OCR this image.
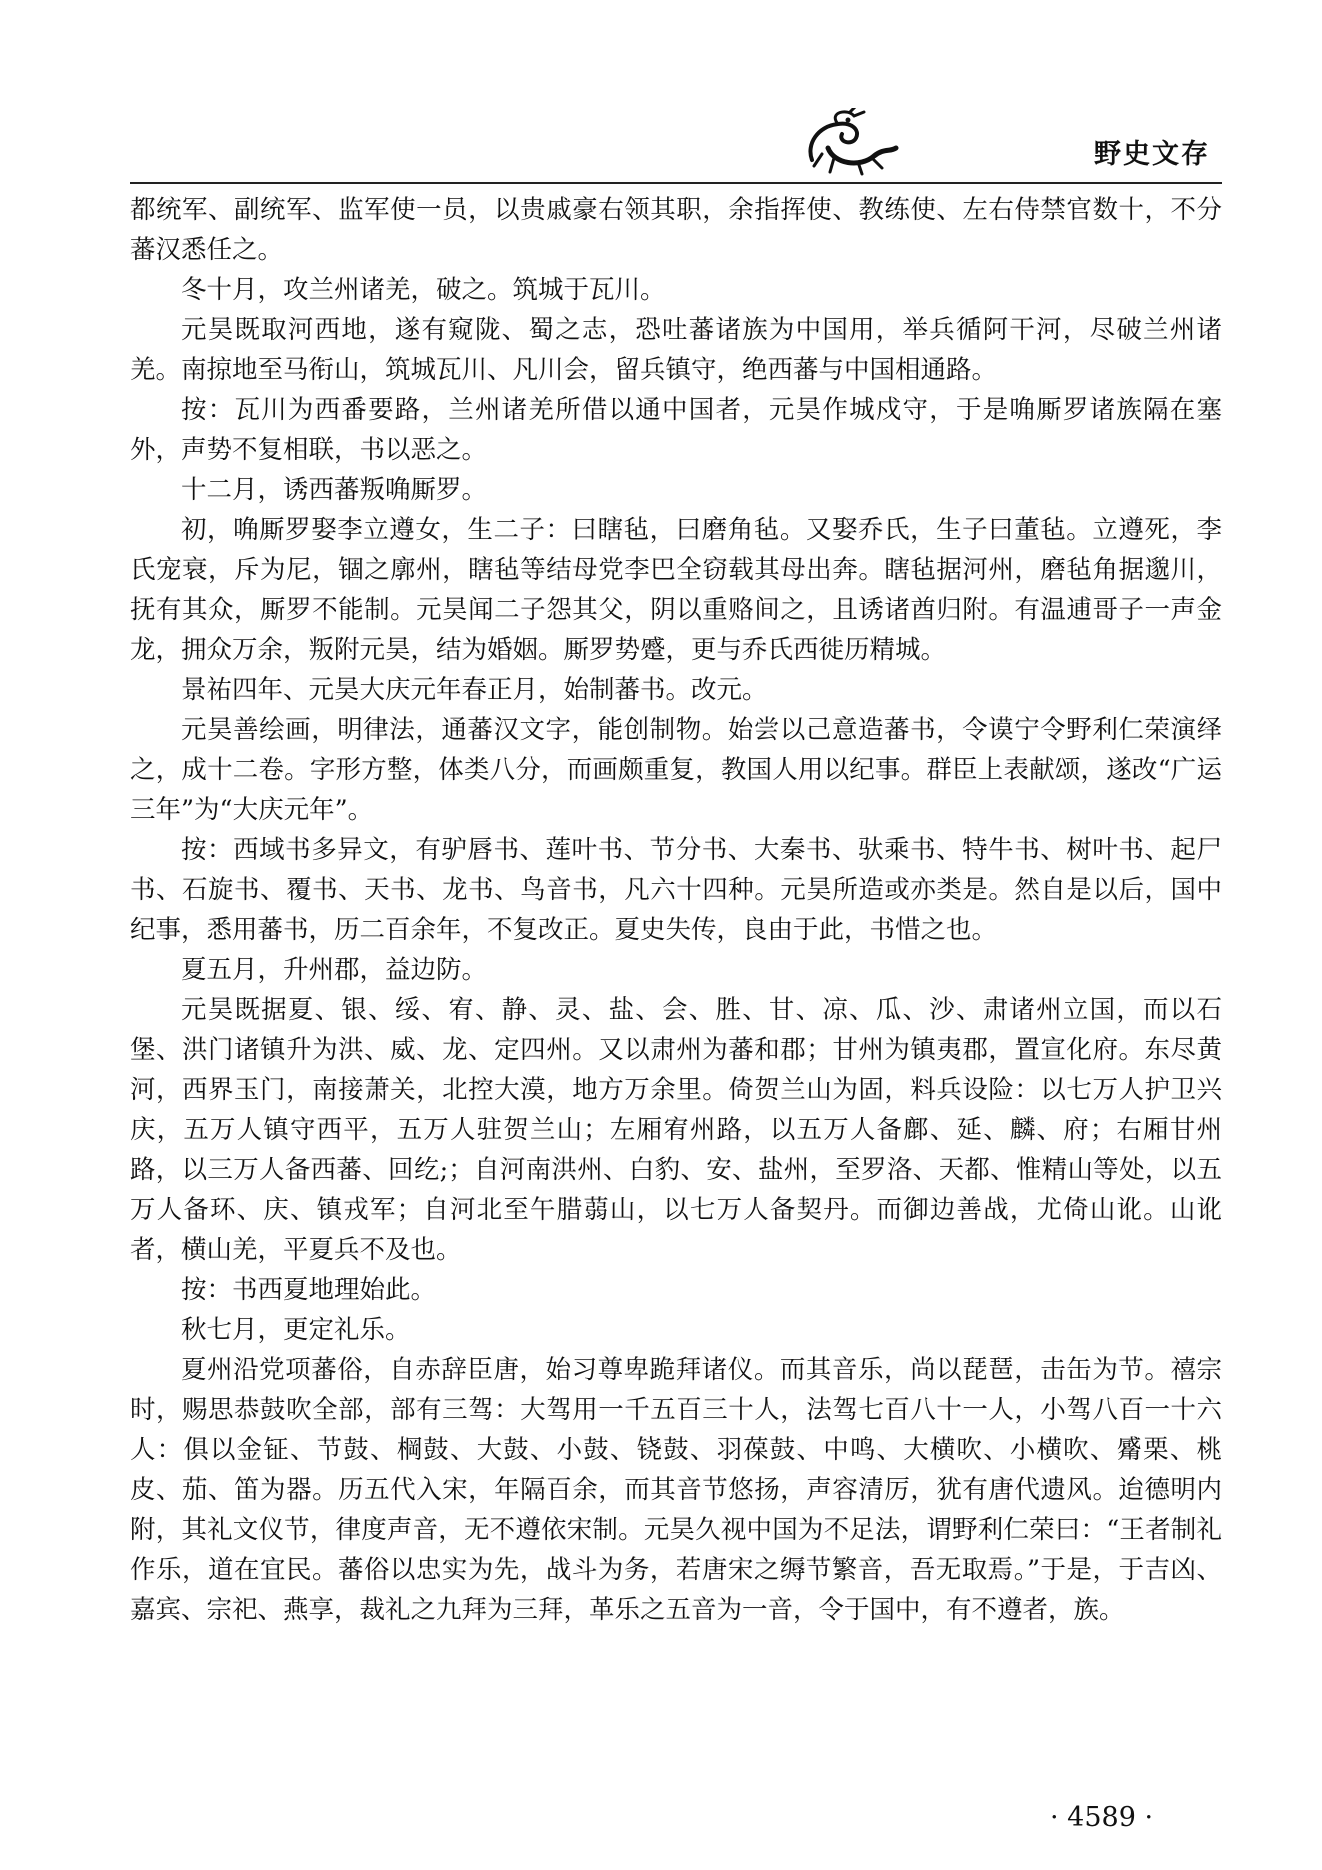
野史文存

都统军、副统军、监军使一员，以贵戚豪右领其职，余指挥使、教练使、左右侍禁官数十，不分蕃汉悉任之。

冬十月，攻兰州诸羌，破之。筑城于瓦川。

元昊既取河西地，遂有窥陇、蜀之志，恐吐蕃诸族为中国用，举兵循阿干河，尽破兰州诸羌。南掠地至马衔山，筑城瓦川、凡川会，留兵镇守，绝西蕃与中国相通路。

按：瓦川为西番要路，兰州诸羌所借以通中国者，元昊作城戍守，于是唃厮罗诸族隔在塞外，声势不复相联，书以恶之。

十二月，诱西蕃叛唃厮罗。

初，唃厮罗娶李立遵女，生二子：曰瞎毡，曰磨角毡。又娶乔氏，生子曰董毡。立遵死，李氏宠衰，斥为尼，锢之廓州，瞎毡等结母党李巴全窃载其母出奔。瞎毡据河州，磨毡角据邈川，抚有其众，厮罗不能制。元昊闻二子怨其父，阴以重赂间之，且诱诸酋归附。有温逋哥子一声金龙，拥众万余，叛附元昊，结为婚姻。厮罗势蹙，更与乔氏西徙历精城。

景祐四年、元昊大庆元年春正月，始制蕃书。改元。

元昊善绘画，明律法，通蕃汉文字，能创制物。始尝以己意造蕃书，令谟宁令野利仁荣演绎之，成十二卷。字形方整，体类八分，而画颇重复，教国人用以纪事。群臣上表献颂，遂改“广运三年”为“大庆元年”。

按：西域书多异文，有驴唇书、莲叶书、节分书、大秦书、驮乘书、特牛书、树叶书、起尸书、石旋书、覆书、天书、龙书、鸟音书，凡六十四种。元昊所造或亦类是。然自是以后，国中纪事，悉用蕃书，历二百余年，不复改正。夏史失传，良由于此，书惜之也。

夏五月，升州郡，益边防。

元昊既据夏、银、绥、宥、静、灵、盐、会、胜、甘、凉、瓜、沙、肃诸州立国，而以石堡、洪门诸镇升为洪、威、龙、定四州。又以肃州为蕃和郡；甘州为镇夷郡，置宣化府。东尽黄河，西界玉门，南接萧关，北控大漠，地方万余里。倚贺兰山为固，料兵设险：以七万人护卫兴庆，五万人镇守西平，五万人驻贺兰山；左厢宥州路，以五万人备鄜、延、麟、府；右厢甘州路，以三万人备西蕃、回纥;；自河南洪州、白豹、安、盐州，至罗洛、天都、惟精山等处，以五万人备环、庆、镇戎军；自河北至午腊蒻山，以七万人备契丹。而御边善战，尤倚山讹。山讹者，横山羌，平夏兵不及也。

按：书西夏地理始此。

秋七月，更定礼乐。

夏州沿党项蕃俗，自赤辞臣唐，始习尊卑跪拜诸仪。而其音乐，尚以琵琶，击缶为节。禧宗时，赐思恭鼓吹全部，部有三驾：大驾用一千五百三十人，法驾七百八十一人，小驾八百一十六人：俱以金钲、节鼓、棡鼓、大鼓、小鼓、铙鼓、羽葆鼓、中鸣、大横吹、小横吹、觱栗、桃皮、茄、笛为器。历五代入宋，年隔百余，而其音节悠扬，声容清厉，犹有唐代遗风。迨德明内附，其礼文仪节，律度声音，无不遵依宋制。元昊久视中国为不足法，谓野利仁荣曰：“王者制礼作乐，道在宜民。蕃俗以忠实为先，战斗为务，若唐宋之缛节繁音，吾无取焉。”于是，于吉凶、嘉宾、宗祀、燕享，裁礼之九拜为三拜，革乐之五音为一音，令于国中，有不遵者，族。

· 4589 ·
